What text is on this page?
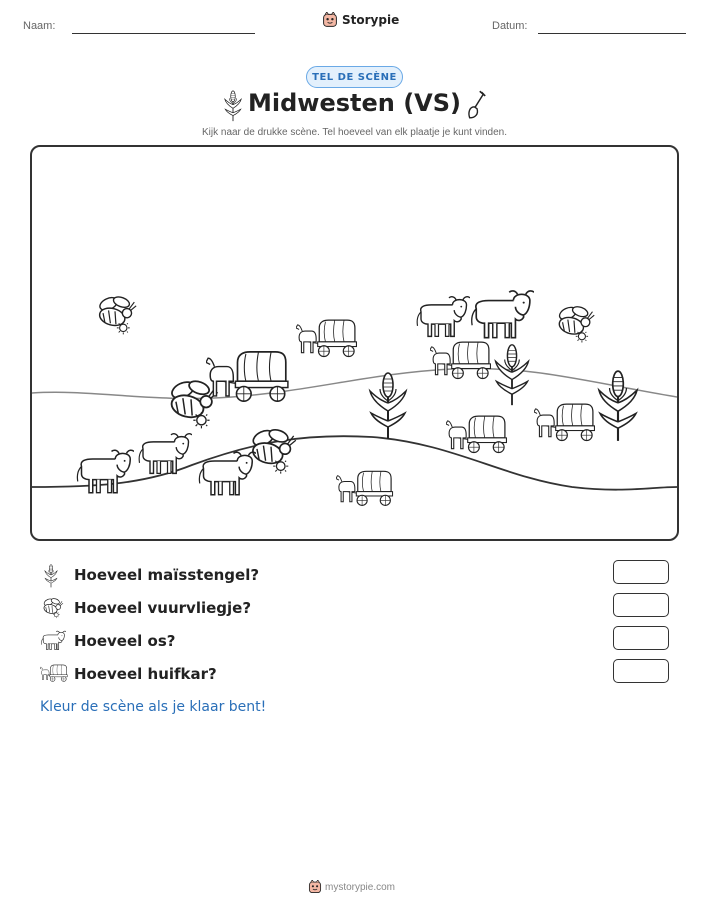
Naam:	Storypie	Datum:
TEL DE SCÈNE
Midwesten (VS)
Kijk naar de drukke scène. Tel hoeveel van elk plaatje je kunt vinden.
Hoeveel maïsstengel?
Hoeveel vuurvliegje?
Hoeveel os?
Hoeveel huifkar?
Kleur de scène als je klaar bent!
mystorypie.com
